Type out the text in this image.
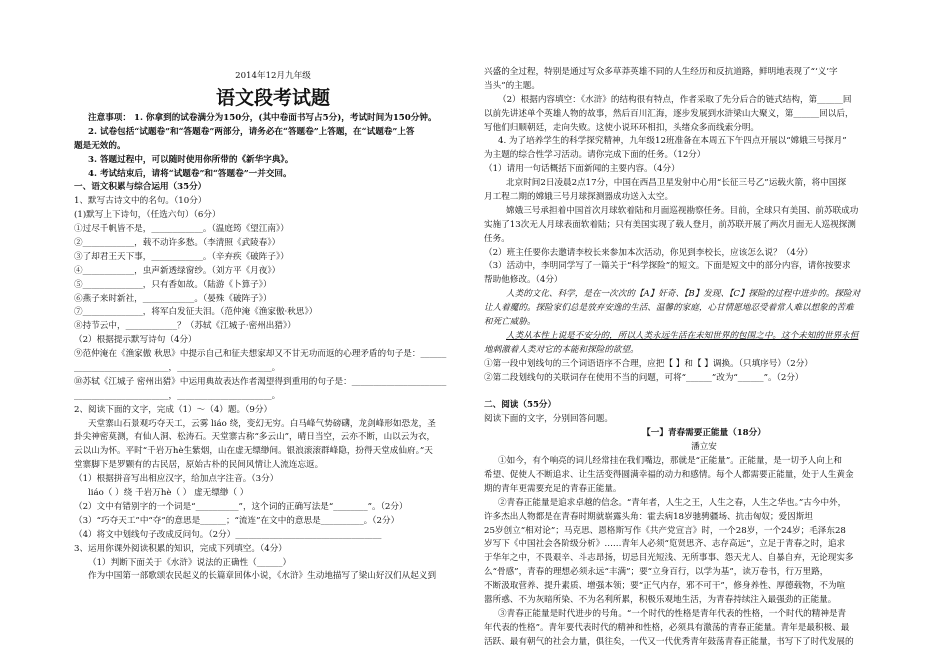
2014年12月九年级
语文段考试题
注意事项： 1. 你拿到的试卷满分为150分，(其中卷面书写占5分)，考试时间为150分钟。
2. 试卷包括“试题卷”和“答题卷”两部分，请务必在“答题卷”上答题，在“试题卷”上答
题是无效的。
3. 答题过程中，可以随时使用你所带的《新华字典》。
4. 考试结束后，请将“试题卷”和“答题卷”一并交回。
一、语文积累与综合运用（35分）
1、默写古诗文中的名句。（10分）
(1)默写上下诗句，（任选六句）（6分）
①过尽千帆皆不是，____________。（温庭筠《望江南》）
②____________，载不动许多愁。（李清照《武陵春》）
③了却君王天下事，____________。（辛弃疾《破阵子》）
④____________，虫声新透绿窗纱。（刘方平《月夜》）
⑤______________，只有香如故。（陆游《卜算子》）
⑥燕子来时新社，____________。（晏殊《破阵子》）
⑦______________，将军白发征夫泪。（范仲淹《渔家傲·秋思》）
⑧持节云中，____________？（苏轼《江城子·密州出猎》）
（2）根据提示默写诗句（4分）
⑨范仲淹在《渔家傲 秋思》中提示自己和征夫想家却又不甘无功而返的心理矛盾的句子是：______
______________________，______________________。
⑩苏轼《江城子 密州出猎》中运用典故表达作者渴望得到重用的句子是：______________________
______________________，______________________。
2、阅读下面的文字，完成（1）～（4）题。（9分）
天堂寨山石景观巧夺天工，云雾 liáo 绕，变幻无穷。白马峰气势磅礴，龙剑峰形如恐龙，圣
卦尖神密莫测，有仙人洞、松涛石。天堂寨古称“多云山”，晴日当空，云亦不断，山以云为衣，
云以山为怀。平时“千岩万hè生紫烟，山在虚无缥缈间。银浪滚滚群峰隐，扮得天堂成仙府。”天
堂寨脚下是罗颗有的古民居，原始古朴的民间风情让人流连忘返。
（1）根据拼音写出相应汉字，给加点字注音。（3分）
liáo（ ）绕 千岩万hè（ ） 虚无缥缈（ ）
（2）文中有错别字的一个词是“__________”，这个词的正确写法是“________”。（2分）
（3）“巧夺天工”中“夺”的意思是______；“流连”在文中的意思是__________。（2分）
（4）将文中划线句子改成反问句。（2分）__________________________________
3、运用你课外阅读积累的知识，完成下列填空。（4分）
（1）判断下面关于《水浒》说法的正确性（______）
作为中国第一部歌颂农民起义的长篇章回体小说，《水浒》生动地描写了梁山好汉们从起义到
兴盛的全过程，特别是通过写众多草莽英雄不同的人生经历和反抗道路，鲜明地表现了“‘义’字
当头”的主题。
（2）根据内容填空：《水浒》的结构很有特点，作者采取了先分后合的链式结构，第______回
以前先讲述单个英雄人物的故事，然后百川汇海，逐步发展到水浒梁山大聚义，第______回以后，
写他们归顺朝廷，走向失败。这使小说环环相扣，头绪众多而线索分明。
4. 为了培养学生的科学探究精神，九年级12班准备在本周五下午四点开展以“嫦娥三号探月”
为主题的综合性学习活动。请你完成下面的任务。（12分）
（1）请用一句话概括下面新闻的主要内容。（4分）
北京时间2日凌晨2点17分，中国在西昌卫星发射中心用“长征三号乙”运载火箭，将中国探
月工程二期的嫦娥三号月球探测器成功送入太空。
嫦娥三号承担着中国首次月球软着陆和月面巡视勘察任务。目前，全球只有美国、前苏联成功
实施了13次无人月球表面软着陆；只有美国实现了载人登月，前苏联开展了两次月面无人巡视探测
任务。
（2）班主任要你去邀请李校长来参加本次活动，你见到李校长，应该怎么说？（4分）
（3）活动中，李明同学写了一篇关于“科学探险”的短文。下面是短文中的部分内容，请你按要求
帮助他修改。（4分）
人类的文化、科学，是在一次次的【A】奸奇、【B】发现、【C】探险的过程中进步的。探险对
让人着魔的。探险家们总是放弃安逸的生活、温馨的家庭，心甘情愿地忍受着常人难以想象的苦难
和死亡威胁。
人类从本性上说是不安分的，所以人类永远生活在未知世界的包围之中。这个未知的世界永恒
地刺激着人类对它的本能和探险的欲望。
①第一段中划线句的三个词语语序不合理，应把【 】和【 】调换。（只填序号）（2分）
②第二段划线句的关联词存在使用不当的问题，可将“______”改为“______”。（2分）
二、阅读（55分）
阅读下面的文字，分别回答问题。
【一】青春需要正能量（18分）
潘立安
①如今，有个响亮的词儿经常挂在我们嘴边，那就是“正能量”。正能量，是一切予人向上和
希望、促使人不断追求、让生活变得圆满幸福的动力和感情。每个人都需要正能量，处于人生黄金
期的青年更需要充足的青春正能量。
②青春正能量是追求卓越的信念。“青年者，人生之王，人生之春，人生之华也。”古今中外，
许多杰出人物都是在青春时期就崭露头角：霍去病18岁驰骋疆场、抗击匈奴；爱因斯坦
25岁创立“相对论”；马克思、恩格斯写作《共产党宣言》时，一个28岁，一个24岁；毛泽东28
岁写下《中国社会各阶级分析》……青年人必须“览贤思齐、志存高远”，立足于青春之时，追求
于华年之中，不畏艰辛、斗志昂扬，切忌目光短浅、无所事事、怨天尤人、自暴自弃，无论现实多
么“骨感”，青春的理想必须永远“丰满”；要“立身百行，以学为基”，读万卷书，行万里路，
不断汲取营养、提升素质、增强本领；要“正气内存，邪不可干”，修身养性、厚德载物，不为喧
嚣所惑、不为灰暗所染、不为名利所累，积极乐观地生活，为青春持续注入最强劲的正能量。
③青春正能量是时代进步的号角。“一个时代的性格是青年代表的性格，一个时代的精神是青
年代表的性格”。青年要代表时代的精神和性格，必须具有激荡的青春正能量。青年是最积极、最
活跃、最有朝气的社会力量，俱往矣，一代又一代优秀青年鼓荡青春正能量，书写下了时代发展的
